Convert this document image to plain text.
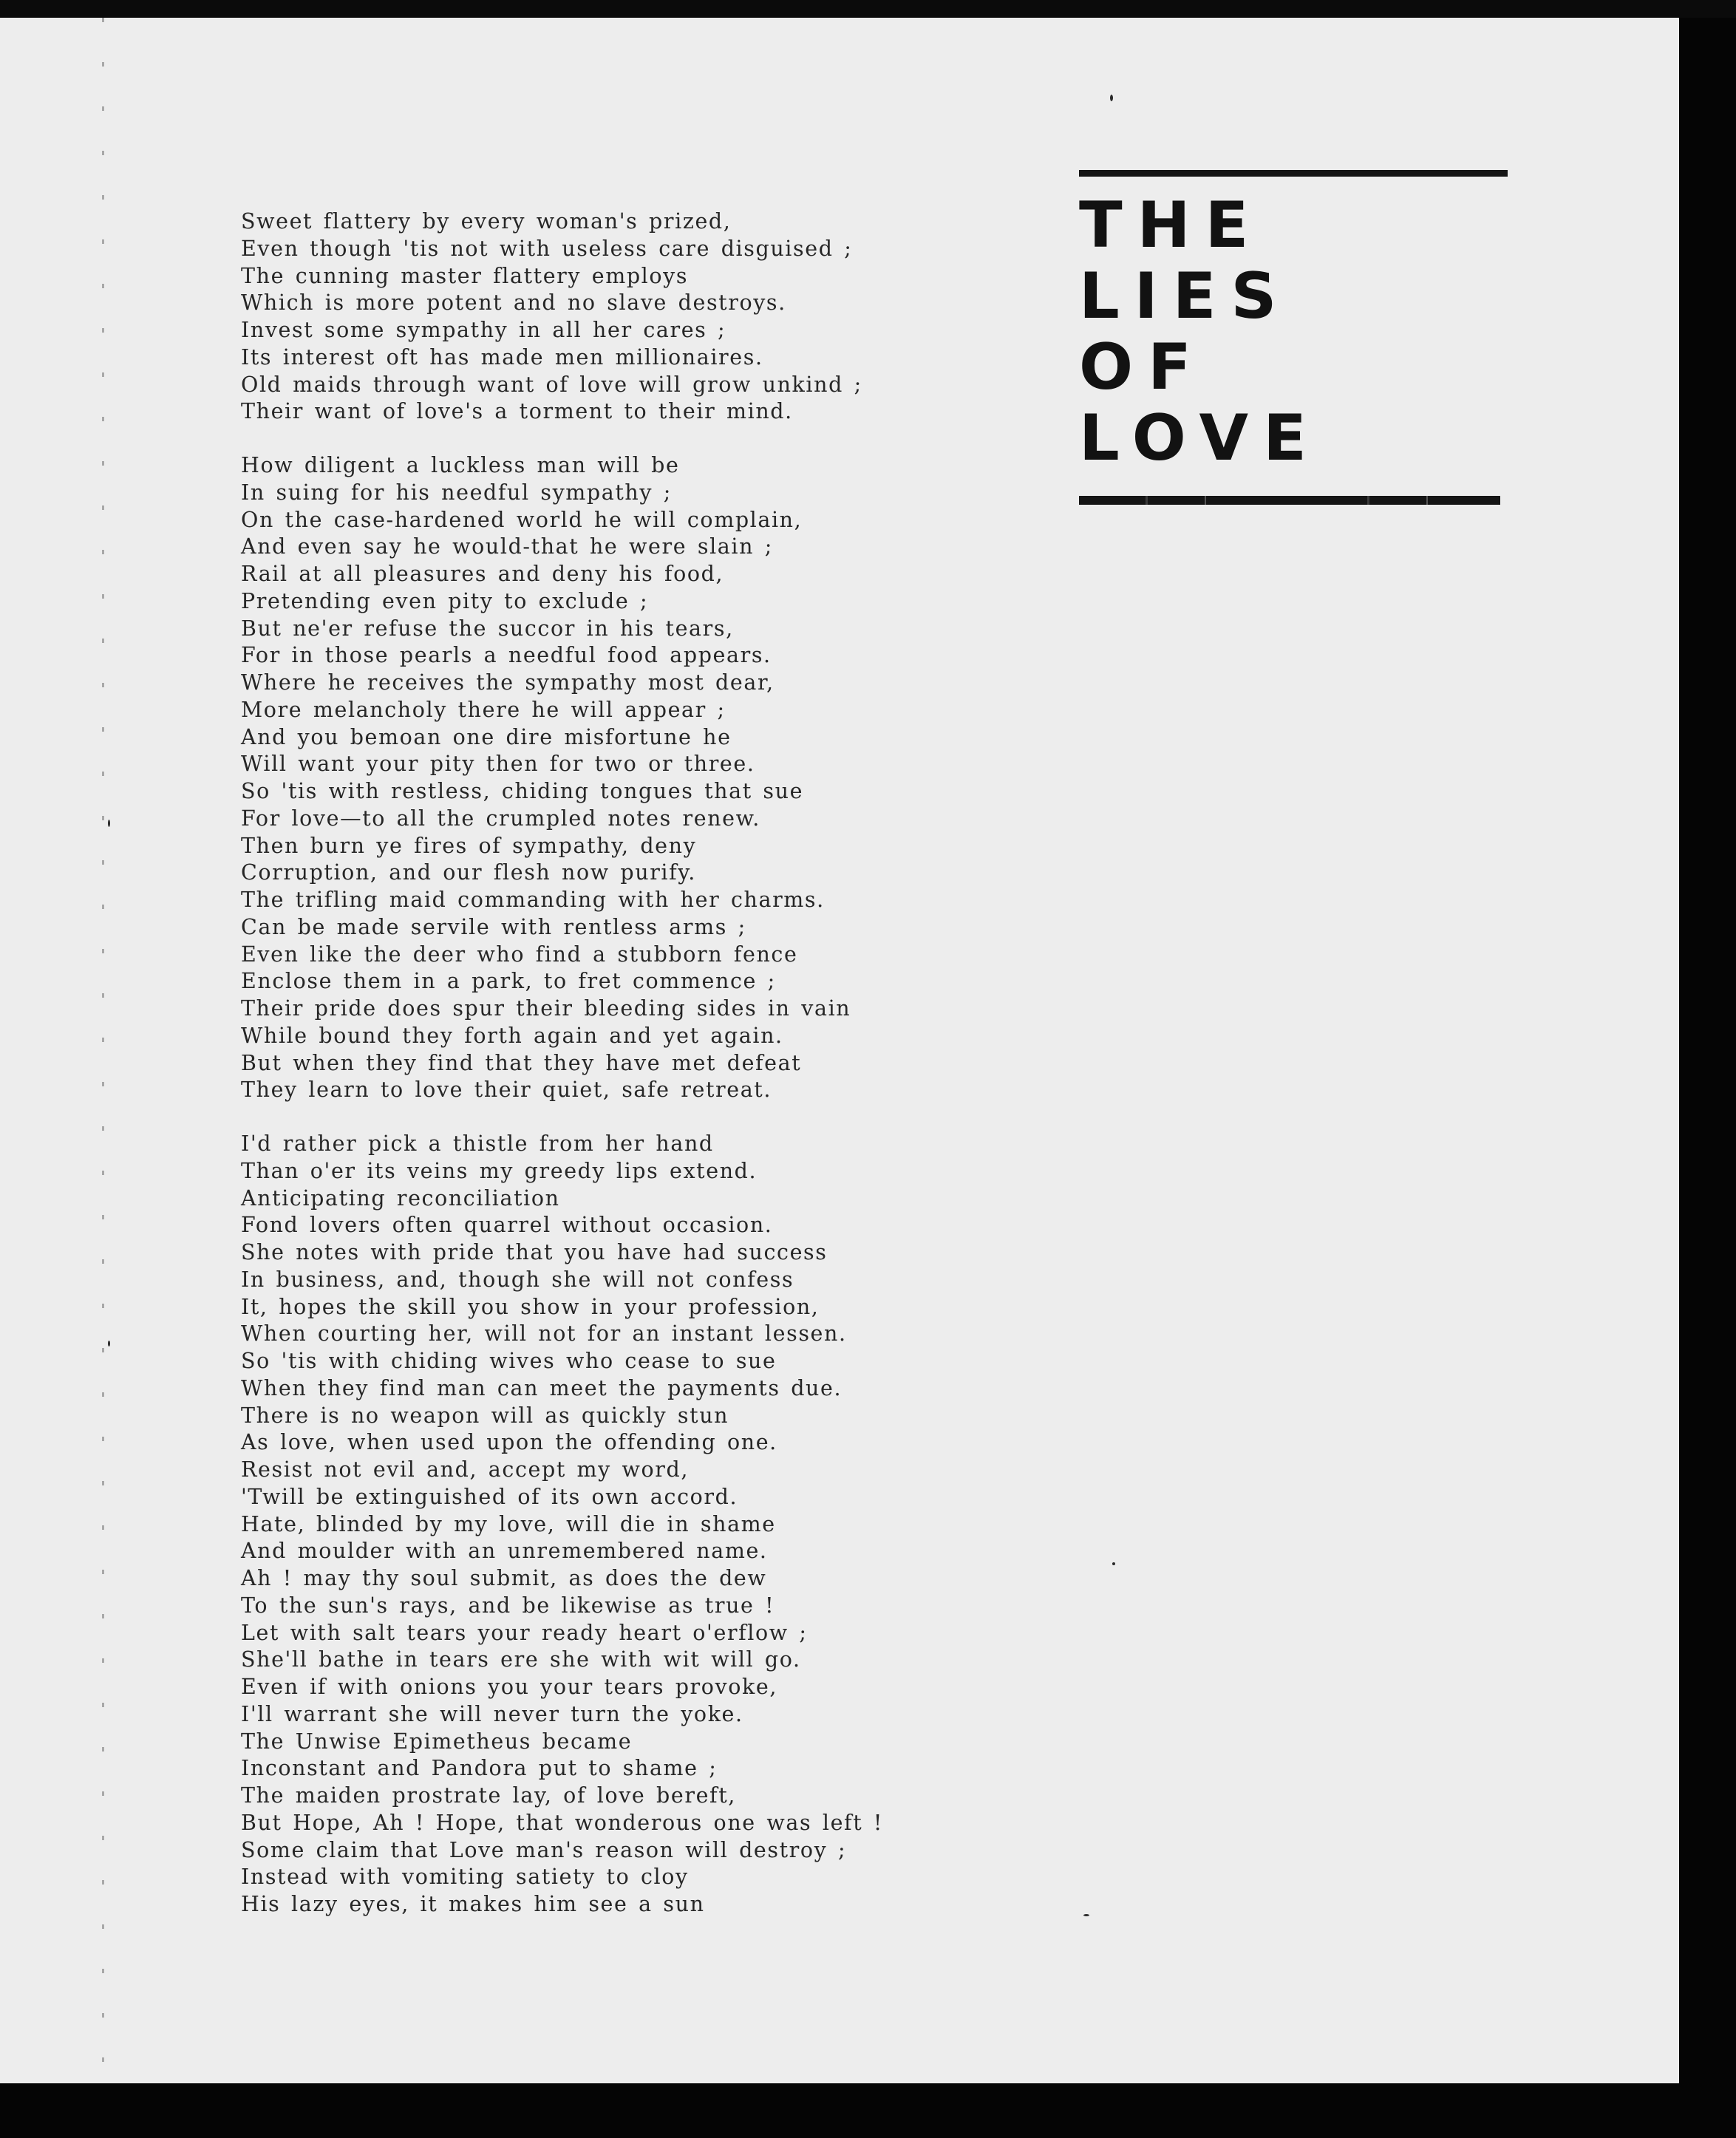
Sweet flattery by every woman's prized,
Even though 'tis not with useless care disguised ;
The cunning master flattery employs
Which is more potent and no slave destroys.
Invest some sympathy in all her cares ;
Its interest oft has made men millionaires.
Old maids through want of love will grow unkind ;
Their want of love's a torment to their mind.
How diligent a luckless man will be
In suing for his needful sympathy ;
On the case-hardened world he will complain,
And even say he would-that he were slain ;
Rail at all pleasures and deny his food,
Pretending even pity to exclude ;
But ne'er refuse the succor in his tears,
For in those pearls a needful food appears.
Where he receives the sympathy most dear,
More melancholy there he will appear ;
And you bemoan one dire misfortune he
Will want your pity then for two or three.
So 'tis with restless, chiding tongues that sue
For love—to all the crumpled notes renew.
Then burn ye fires of sympathy, deny
Corruption, and our flesh now purify.
The trifling maid commanding with her charms.
Can be made servile with rentless arms ;
Even like the deer who find a stubborn fence
Enclose them in a park, to fret commence ;
Their pride does spur their bleeding sides in vain
While bound they forth again and yet again.
But when they find that they have met defeat
They learn to love their quiet, safe retreat.
I'd rather pick a thistle from her hand
Than o'er its veins my greedy lips extend.
Anticipating reconciliation
Fond lovers often quarrel without occasion.
She notes with pride that you have had success
In business, and, though she will not confess
It, hopes the skill you show in your profession,
When courting her, will not for an instant lessen.
So 'tis with chiding wives who cease to sue
When they find man can meet the payments due.
There is no weapon will as quickly stun
As love, when used upon the offending one.
Resist not evil and, accept my word,
'Twill be extinguished of its own accord.
Hate, blinded by my love, will die in shame
And moulder with an unremembered name.
Ah ! may thy soul submit, as does the dew
To the sun's rays, and be likewise as true !
Let with salt tears your ready heart o'erflow ;
She'll bathe in tears ere she with wit will go.
Even if with onions you your tears provoke,
I'll warrant she will never turn the yoke.
The Unwise Epimetheus became
Inconstant and Pandora put to shame ;
The maiden prostrate lay, of love bereft,
But Hope, Ah ! Hope, that wonderous one was left !
Some claim that Love man's reason will destroy ;
Instead with vomiting satiety to cloy
His lazy eyes, it makes him see a sun
THE
LIES
OF
LOVE
